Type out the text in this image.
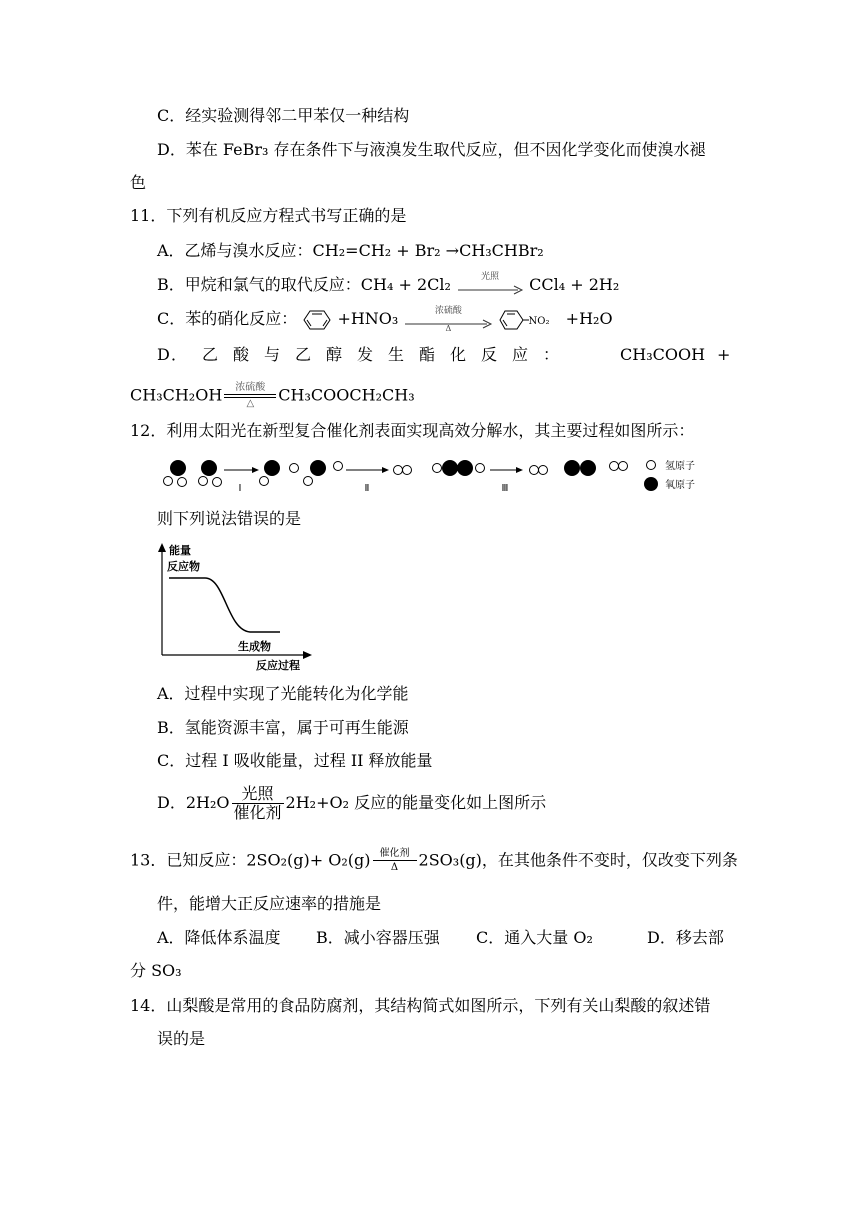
C．经实验测得邻二甲苯仅一种结构
D．苯在 FeBr₃ 存在条件下与液溴发生取代反应，但不因化学变化而使溴水褪
色
11．下列有机反应方程式书写正确的是
A．乙烯与溴水反应：CH₂=CH₂ + Br₂ →CH₃CHBr₂
B．甲烷和氯气的取代反应：CH₄ + 2Cl₂	光照	CCl₄ + 2H₂
C．苯的硝化反应：	+HNO₃	浓硫酸
Δ
NO₂ +H₂O
D ． 乙 酸 与 乙 醇 发 生 酯 化 反 应 ：	CH₃COOH +
CH₃CH₂OH	浓硫酸
△	CH₃COOCH₂CH₃
12．利用太阳光在新型复合催化剂表面实现高效分解水，其主要过程如图所示：
Ⅰ	Ⅱ	Ⅲ
氢原子
氧原子
则下列说法错误的是
能量
反应物
生成物
反应过程
A．过程中实现了光能转化为化学能
B．氢能资源丰富，属于可再生能源
C．过程 I 吸收能量，过程 II 释放能量
D．$2H_2O \frac{\text{光照}}{\text{催化剂}} 2H_2+O_2$ 反应的能量变化如上图所示
13．已知反应：2SO₂(g)+ O₂(g) 催化剂
Δ	2SO₃(g)，在其他条件不变时，仅改变下列条
件，能增大正反应速率的措施是
A．降低体系温度 B．减小容器压强 C．通入大量 O₂	D．移去部
分 SO₃
14．山梨酸是常用的食品防腐剂，其结构简式如图所示，下列有关山梨酸的叙述错
误的是
